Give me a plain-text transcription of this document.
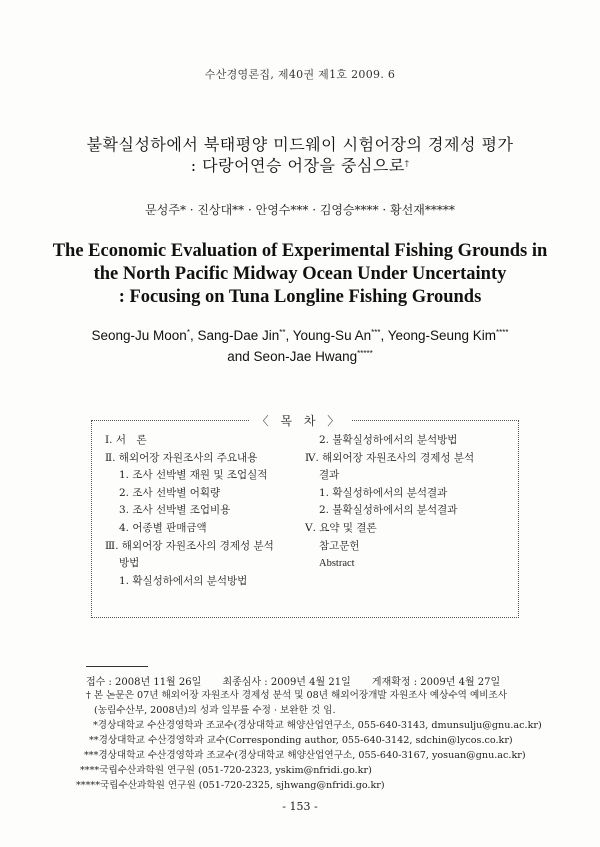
수산경영론집, 제40권 제1호 2009. 6
불확실성하에서 북태평양 미드웨이 시험어장의 경제성 평가
: 다랑어연승 어장을 중심으로†
문성주* · 진상대** · 안영수*** · 김영승**** · 황선재*****
The Economic Evaluation of Experimental Fishing Grounds in
the North Pacific Midway Ocean Under Uncertainty
: Focusing on Tuna Longline Fishing Grounds
Seong-Ju Moon*, Sang-Dae Jin**, Young-Su An***, Yeong-Seung Kim****
and Seon-Jae Hwang*****
〈 목 차 〉
Ⅰ. 서　론
Ⅱ. 해외어장 자원조사의 주요내용
1. 조사 선박별 재원 및 조업실적
2. 조사 선박별 어획량
3. 조사 선박별 조업비용
4. 어종별 판매금액
Ⅲ. 해외어장 자원조사의 경제성 분석
방법
1. 확실성하에서의 분석방법
2. 불확실성하에서의 분석방법
Ⅳ. 해외어장 자원조사의 경제성 분석
결과
1. 확실성하에서의 분석결과
2. 불확실성하에서의 분석결과
Ⅴ. 요약 및 결론
참고문헌
Abstract
접수 : 2008년 11월 26일 최종심사 : 2009년 4월 21일 게재확정 : 2009년 4월 27일
† 본 논문은 07년 해외어장 자원조사 경제성 분석 및 08년 해외어장개발 자원조사 예상수역 예비조사
(농림수산부, 2008년)의 성과 일부를 수정 · 보완한 것 임.
*경상대학교 수산경영학과 조교수(경상대학교 해양산업연구소, 055-640-3143, dmunsulju@gnu.ac.kr)
**경상대학교 수산경영학과 교수(Corresponding author, 055-640-3142, sdchin@lycos.co.kr)
***경상대학교 수산경영학과 조교수(경상대학교 해양산업연구소, 055-640-3167, yosuan@gnu.ac.kr)
****국립수산과학원 연구원 (051-720-2323, yskim@nfridi.go.kr)
*****국립수산과학원 연구원 (051-720-2325, sjhwang@nfridi.go.kr)
- 153 -
